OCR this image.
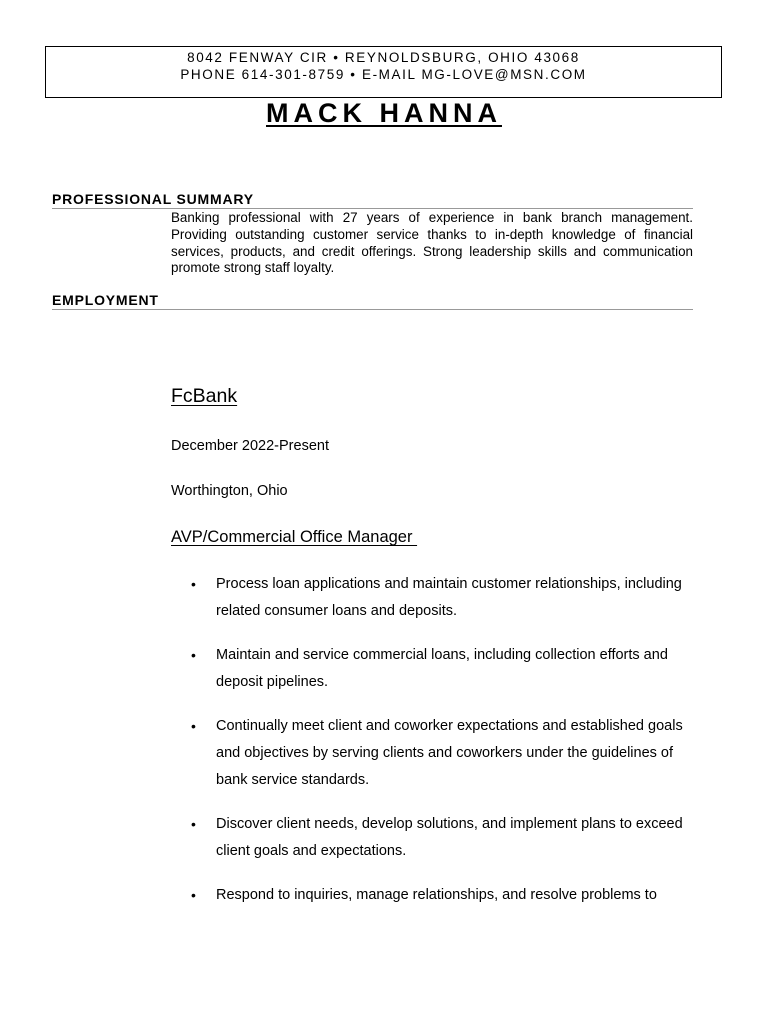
8042 FENWAY CIR • REYNOLDSBURG, OHIO 43068
PHONE 614-301-8759 • E-MAIL MG-LOVE@MSN.COM
MACK HANNA
PROFESSIONAL SUMMARY
Banking professional with 27 years of experience in bank branch management. Providing outstanding customer service thanks to in-depth knowledge of financial services, products, and credit offerings. Strong leadership skills and communication promote strong staff loyalty.
EMPLOYMENT
FcBank
December 2022-Present
Worthington, Ohio
AVP/Commercial Office Manager
• Process loan applications and maintain customer relationships, including related consumer loans and deposits.
• Maintain and service commercial loans, including collection efforts and deposit pipelines.
• Continually meet client and coworker expectations and established goals and objectives by serving clients and coworkers under the guidelines of bank service standards.
• Discover client needs, develop solutions, and implement plans to exceed client goals and expectations.
• Respond to inquiries, manage relationships, and resolve problems to
